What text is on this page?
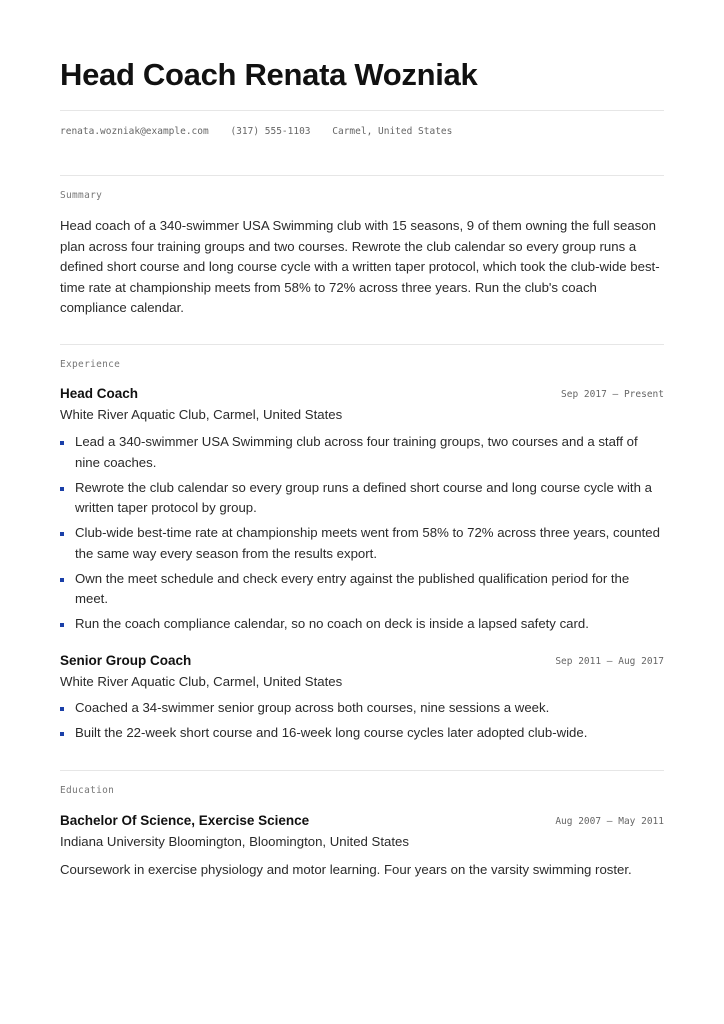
Head Coach Renata Wozniak
renata.wozniak@example.com (317) 555-1103 Carmel, United States
Summary

Head coach of a 340-swimmer USA Swimming club with 15 seasons, 9 of them owning the full season plan across four training groups and two courses. Rewrote the club calendar so every group runs a defined short course and long course cycle with a written taper protocol, which took the club-wide best-time rate at championship meets from 58% to 72% across three years. Run the club's coach compliance calendar.

Experience
Head Coach	Sep 2017 — Present
White River Aquatic Club, Carmel, United States
Lead a 340-swimmer USA Swimming club across four training groups, two courses and a staff of nine coaches.
Rewrote the club calendar so every group runs a defined short course and long course cycle with a written taper protocol by group.
Club-wide best-time rate at championship meets went from 58% to 72% across three years, counted the same way every season from the results export.
Own the meet schedule and check every entry against the published qualification period for the meet.
Run the coach compliance calendar, so no coach on deck is inside a lapsed safety card.
Senior Group Coach	Sep 2011 — Aug 2017
White River Aquatic Club, Carmel, United States
Coached a 34-swimmer senior group across both courses, nine sessions a week.
Built the 22-week short course and 16-week long course cycles later adopted club-wide.
Education
Bachelor Of Science, Exercise Science	Aug 2007 — May 2011
Indiana University Bloomington, Bloomington, United States
Coursework in exercise physiology and motor learning. Four years on the varsity swimming roster.
